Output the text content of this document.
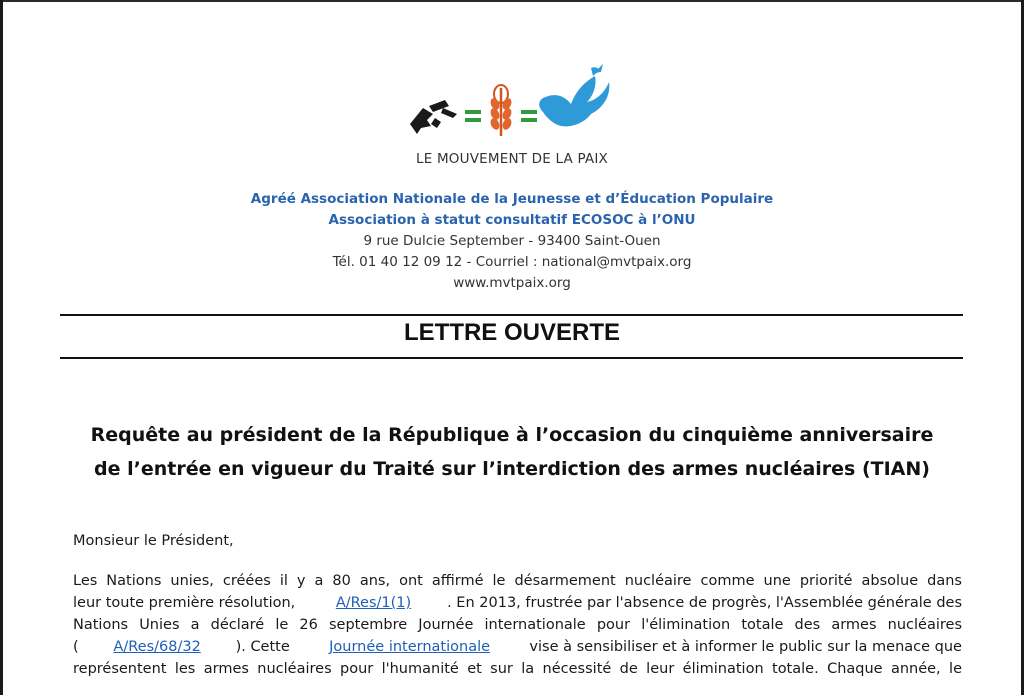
LE MOUVEMENT DE LA PAIX
Agréé Association Nationale de la Jeunesse et d’Éducation Populaire
Association à statut consultatif ECOSOC à l’ONU
9 rue Dulcie September - 93400 Saint-Ouen
Tél. 01 40 12 09 12 - Courriel : national@mvtpaix.org
www.mvtpaix.org
LETTRE OUVERTE
Requête au président de la République à l’occasion du cinquième anniversaire
de l’entrée en vigueur du Traité sur l’interdiction des armes nucléaires (TIAN)
Monsieur le Président,
Les Nations unies, créées il y a 80 ans, ont affirmé le désarmement nucléaire comme une priorité absolue dans
leur toute première résolution, A/Res/1(1) . En 2013, frustrée par l'absence de progrès, l'Assemblée générale des
Nations Unies a déclaré le 26 septembre Journée internationale pour l'élimination totale des armes nucléaires
( A/Res/68/32 ). Cette Journée internationale vise à sensibiliser et à informer le public sur la menace que
représentent les armes nucléaires pour l'humanité et sur la nécessité de leur élimination totale. Chaque année, le
